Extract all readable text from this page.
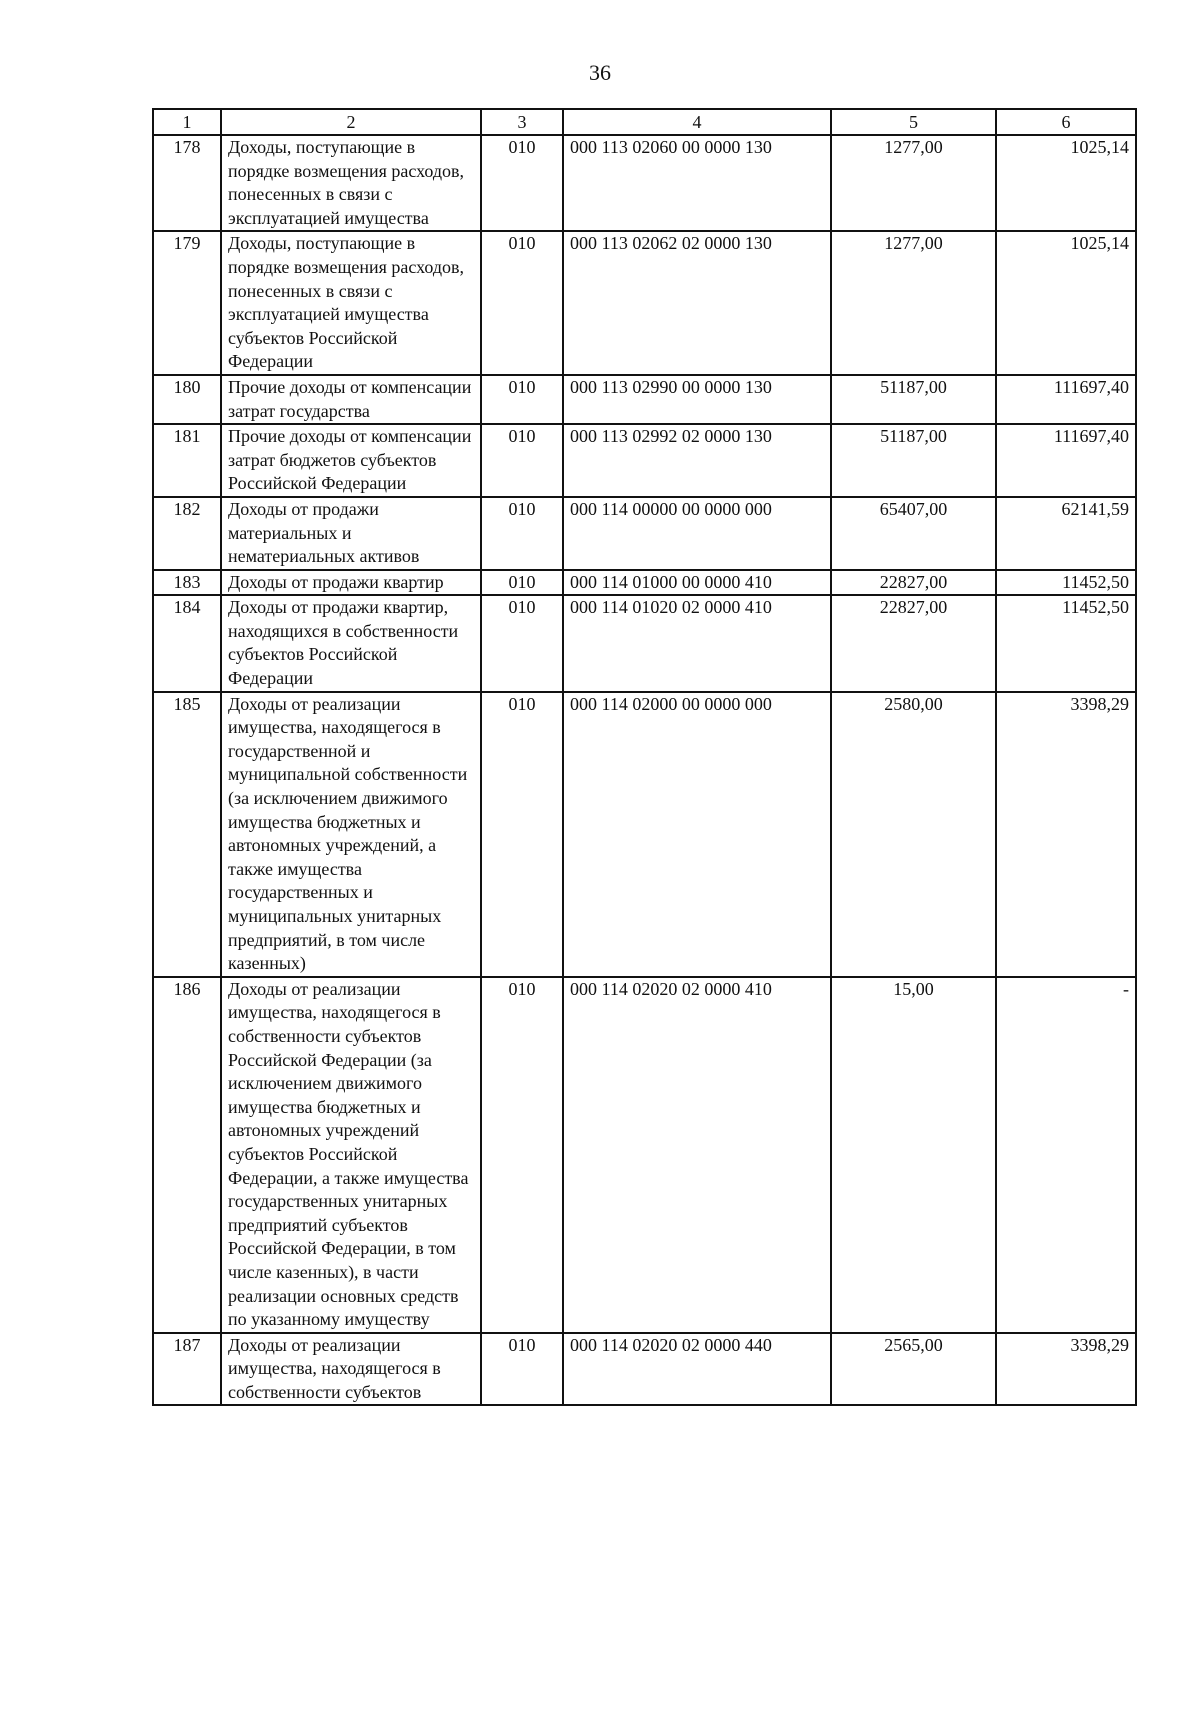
36
1	2	3	4	5	6
178	Доходы, поступающие в порядке возмещения расходов, понесенных в связи с эксплуатацией имущества	010	000 113 02060 00 0000 130	1277,00	1025,14
179	Доходы, поступающие в порядке возмещения расходов, понесенных в связи с эксплуатацией имущества субъектов Российской Федерации	010	000 113 02062 02 0000 130	1277,00	1025,14
180	Прочие доходы от компенсации затрат государства	010	000 113 02990 00 0000 130	51187,00	111697,40
181	Прочие доходы от компенсации затрат бюджетов субъектов Российской Федерации	010	000 113 02992 02 0000 130	51187,00	111697,40
182	Доходы от продажи материальных и нематериальных активов	010	000 114 00000 00 0000 000	65407,00	62141,59
183	Доходы от продажи квартир	010	000 114 01000 00 0000 410	22827,00	11452,50
184	Доходы от продажи квартир, находящихся в собственности субъектов Российской Федерации	010	000 114 01020 02 0000 410	22827,00	11452,50
185	Доходы от реализации имущества, находящегося в государственной и муниципальной собственности (за исключением движимого имущества бюджетных и автономных учреждений, а также имущества государственных и муниципальных унитарных предприятий, в том числе казенных)	010	000 114 02000 00 0000 000	2580,00	3398,29
186	Доходы от реализации имущества, находящегося в собственности субъектов Российской Федерации (за исключением движимого имущества бюджетных и автономных учреждений субъектов Российской Федерации, а также имущества государственных унитарных предприятий субъектов Российской Федерации, в том числе казенных), в части реализации основных средств по указанному имуществу	010	000 114 02020 02 0000 410	15,00	-
187	Доходы от реализации имущества, находящегося в собственности субъектов	010	000 114 02020 02 0000 440	2565,00	3398,29
